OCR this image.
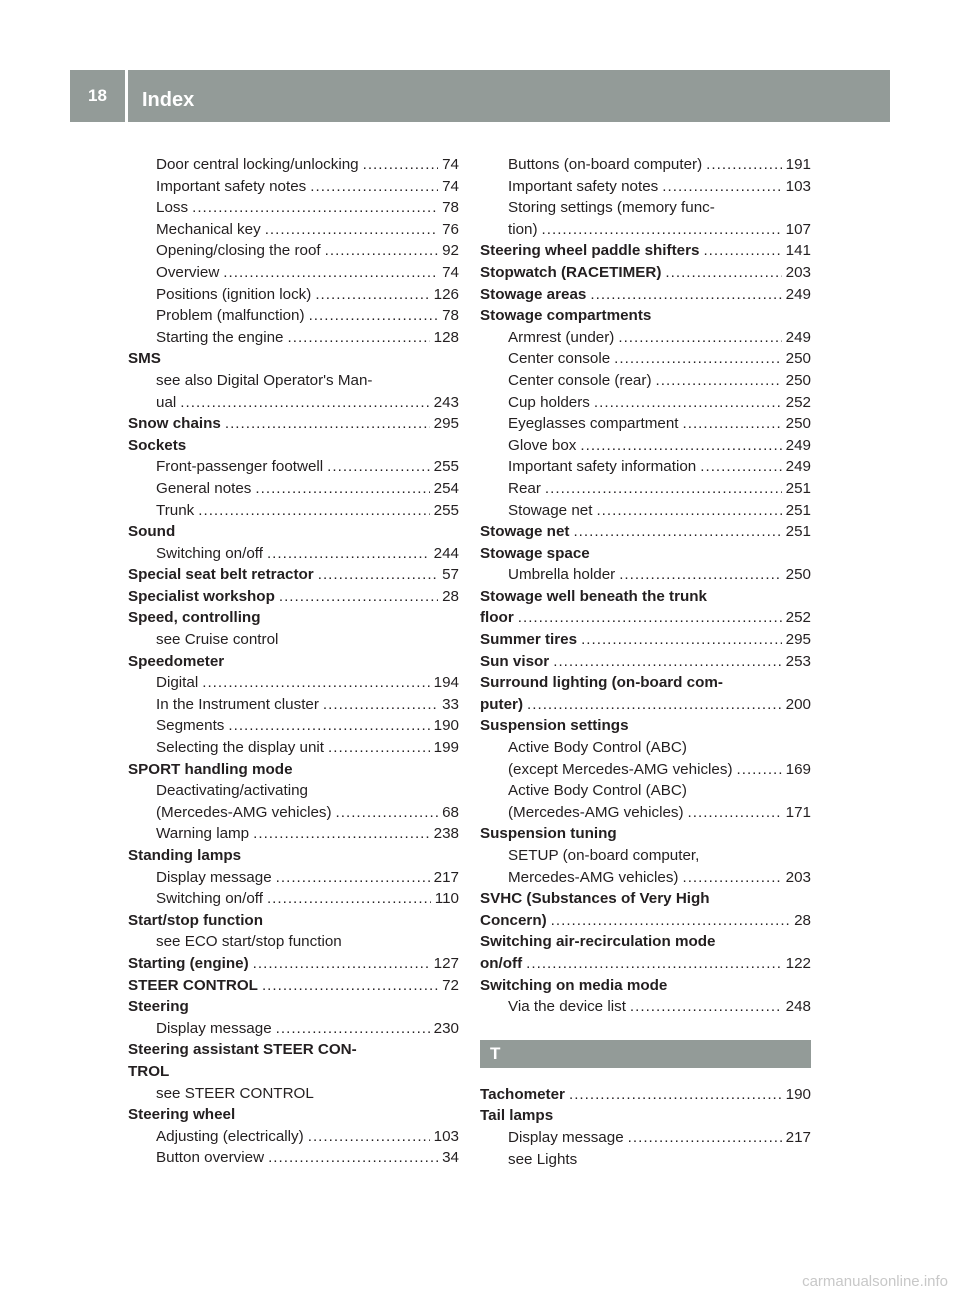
18	Index
Door central locking/unlocking .....	74
Important safety notes .....	74
Loss .....	78
Mechanical key .....	76
Opening/closing the roof .....	92
Overview .....	74
Positions (ignition lock) .....	126
Problem (malfunction) .....	78
Starting the engine .....	128
SMS
see also Digital Operator's Man-
ual .....	243
Snow chains .....	295
Sockets
Front-passenger footwell .....	255
General notes .....	254
Trunk .....	255
Sound
Switching on/off .....	244
Special seat belt retractor .....	57
Specialist workshop .....	28
Speed, controlling
see Cruise control
Speedometer
Digital .....	194
In the Instrument cluster .....	33
Segments .....	190
Selecting the display unit .....	199
SPORT handling mode
Deactivating/activating
(Mercedes-AMG vehicles) .....	68
Warning lamp .....	238
Standing lamps
Display message .....	217
Switching on/off .....	110
Start/stop function
see ECO start/stop function
Starting (engine) .....	127
STEER CONTROL .....	72
Steering
Display message .....	230
Steering assistant STEER CON-
TROL
see STEER CONTROL
Steering wheel
Adjusting (electrically) .....	103
Button overview .....	34
Buttons (on-board computer) .....	191
Important safety notes .....	103
Storing settings (memory func-
tion) .....	107
Steering wheel paddle shifters .....	141
Stopwatch (RACETIMER) .....	203
Stowage areas .....	249
Stowage compartments
Armrest (under) .....	249
Center console .....	250
Center console (rear) .....	250
Cup holders .....	252
Eyeglasses compartment .....	250
Glove box .....	249
Important safety information .....	249
Rear .....	251
Stowage net .....	251
Stowage net .....	251
Stowage space
Umbrella holder .....	250
Stowage well beneath the trunk
floor .....	252
Summer tires .....	295
Sun visor .....	253
Surround lighting (on-board com-
puter) .....	200
Suspension settings
Active Body Control (ABC)
(except Mercedes-AMG vehicles) .....	169
Active Body Control (ABC)
(Mercedes-AMG vehicles) .....	171
Suspension tuning
SETUP (on-board computer,
Mercedes-AMG vehicles) .....	203
SVHC (Substances of Very High
Concern) .....	28
Switching air-recirculation mode
on/off .....	122
Switching on media mode
Via the device list .....	248
T
Tachometer .....	190
Tail lamps
Display message .....	217
see Lights
carmanualsonline.info
